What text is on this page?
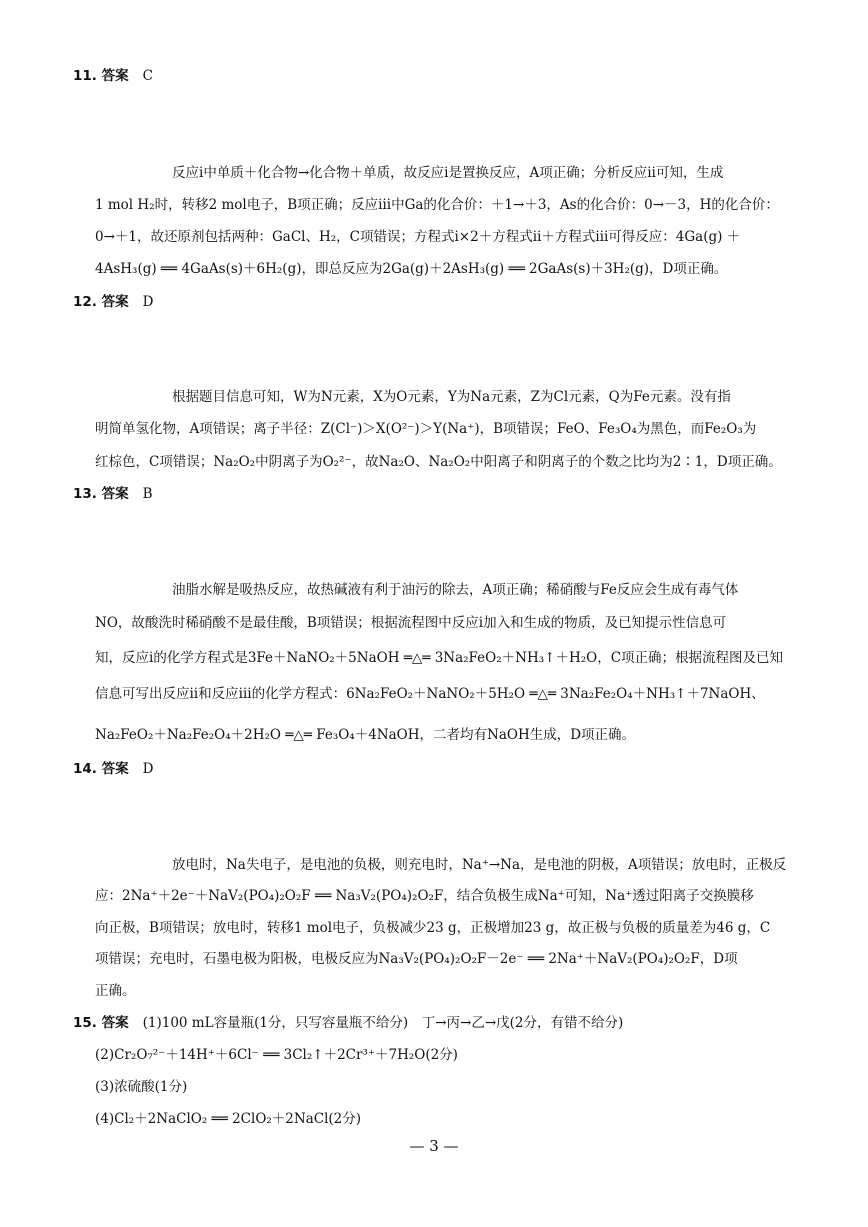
11. 答案 C
反应ⅰ中单质＋化合物→化合物＋单质，故反应ⅰ是置换反应，A项正确；分析反应ⅱ可知，生成
1 mol H₂时，转移2 mol电子，B项正确；反应ⅲ中Ga的化合价：＋1→＋3，As的化合价：0→－3，H的化合价：
0→＋1，故还原剂包括两种：GaCl、H₂，C项错误；方程式ⅰ×2＋方程式ⅱ＋方程式ⅲ可得反应：4Ga(g) ＋
4AsH₃(g) ══ 4GaAs(s)＋6H₂(g)，即总反应为2Ga(g)＋2AsH₃(g) ══ 2GaAs(s)＋3H₂(g)，D项正确。
12. 答案 D
根据题目信息可知，W为N元素，X为O元素，Y为Na元素，Z为Cl元素，Q为Fe元素。没有指
明简单氢化物，A项错误；离子半径：Z(Cl⁻)＞X(O²⁻)＞Y(Na⁺)，B项错误；FeO、Fe₃O₄为黑色，而Fe₂O₃为
红棕色，C项错误；Na₂O₂中阴离子为O₂²⁻，故Na₂O、Na₂O₂中阳离子和阴离子的个数之比均为2∶1，D项正确。
13. 答案 B
油脂水解是吸热反应，故热碱液有利于油污的除去，A项正确；稀硝酸与Fe反应会生成有毒气体
NO，故酸洗时稀硝酸不是最佳酸，B项错误；根据流程图中反应ⅰ加入和生成的物质，及已知提示性信息可
知，反应ⅰ的化学方程式是3Fe＋NaNO₂＋5NaOH ═△═ 3Na₂FeO₂＋NH₃↑＋H₂O，C项正确；根据流程图及已知
信息可写出反应ⅱ和反应ⅲ的化学方程式：6Na₂FeO₂＋NaNO₂＋5H₂O ═△═ 3Na₂Fe₂O₄＋NH₃↑＋7NaOH、
Na₂FeO₂＋Na₂Fe₂O₄＋2H₂O ═△═ Fe₃O₄＋4NaOH，二者均有NaOH生成，D项正确。
14. 答案 D
放电时，Na失电子，是电池的负极，则充电时，Na⁺→Na，是电池的阴极，A项错误；放电时，正极反
应：2Na⁺＋2e⁻＋NaV₂(PO₄)₂O₂F ══ Na₃V₂(PO₄)₂O₂F，结合负极生成Na⁺可知，Na⁺透过阳离子交换膜移
向正极，B项错误；放电时，转移1 mol电子，负极减少23 g，正极增加23 g，故正极与负极的质量差为46 g，C
项错误；充电时，石墨电极为阳极，电极反应为Na₃V₂(PO₄)₂O₂F－2e⁻ ══ 2Na⁺＋NaV₂(PO₄)₂O₂F，D项
正确。
15. 答案 (1)100 mL容量瓶(1分，只写容量瓶不给分)　丁→丙→乙→戊(2分，有错不给分)
(2)Cr₂O₇²⁻＋14H⁺＋6Cl⁻ ══ 3Cl₂↑＋2Cr³⁺＋7H₂O(2分)
(3)浓硫酸(1分)
(4)Cl₂＋2NaClO₂ ══ 2ClO₂＋2NaCl(2分)
— 3 —
